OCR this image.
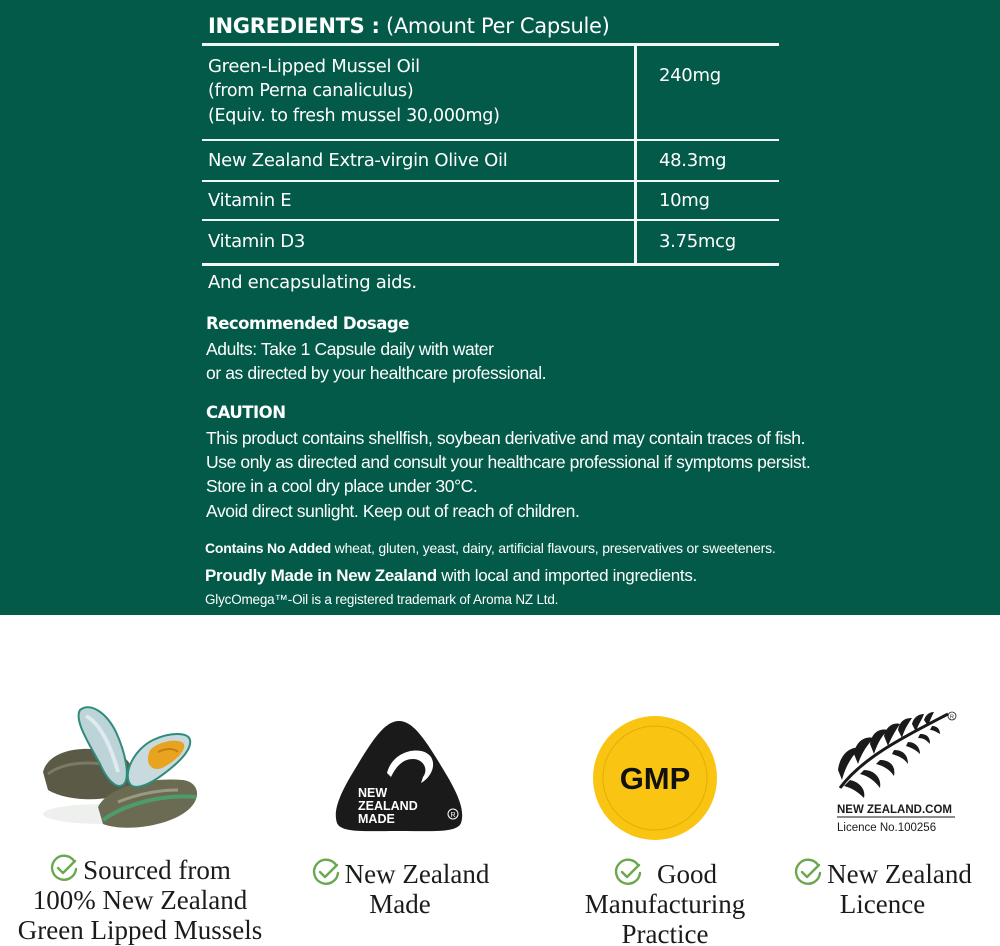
INGREDIENTS : (Amount Per Capsule)
Green-Lipped Mussel Oil
(from Perna canaliculus)
(Equiv. to fresh mussel 30,000mg)
240mg
New Zealand Extra-virgin Olive Oil	48.3mg
Vitamin E	10mg
Vitamin D3	3.75mcg
And encapsulating aids.
Recommended Dosage
Adults: Take 1 Capsule daily with water
or as directed by your healthcare professional.
CAUTION
This product contains shellfish, soybean derivative and may contain traces of fish.
Use only as directed and consult your healthcare professional if symptoms persist.
Store in a cool dry place under 30°C.
Avoid direct sunlight. Keep out of reach of children.
Contains No Added wheat, gluten, yeast, dairy, artificial flavours, preservatives or sweeteners.
Proudly Made in New Zealand with local and imported ingredients.
GlycOmega™-Oil is a registered trademark of Aroma NZ Ltd.
Sourced from
100% New Zealand
Green Lipped Mussels
NEW
ZEALAND
MADE	R
New Zealand
Made
GMP
Good
Manufacturing
Practice
R
NEW ZEALAND.COM
Licence No.100256
New Zealand
Licence
